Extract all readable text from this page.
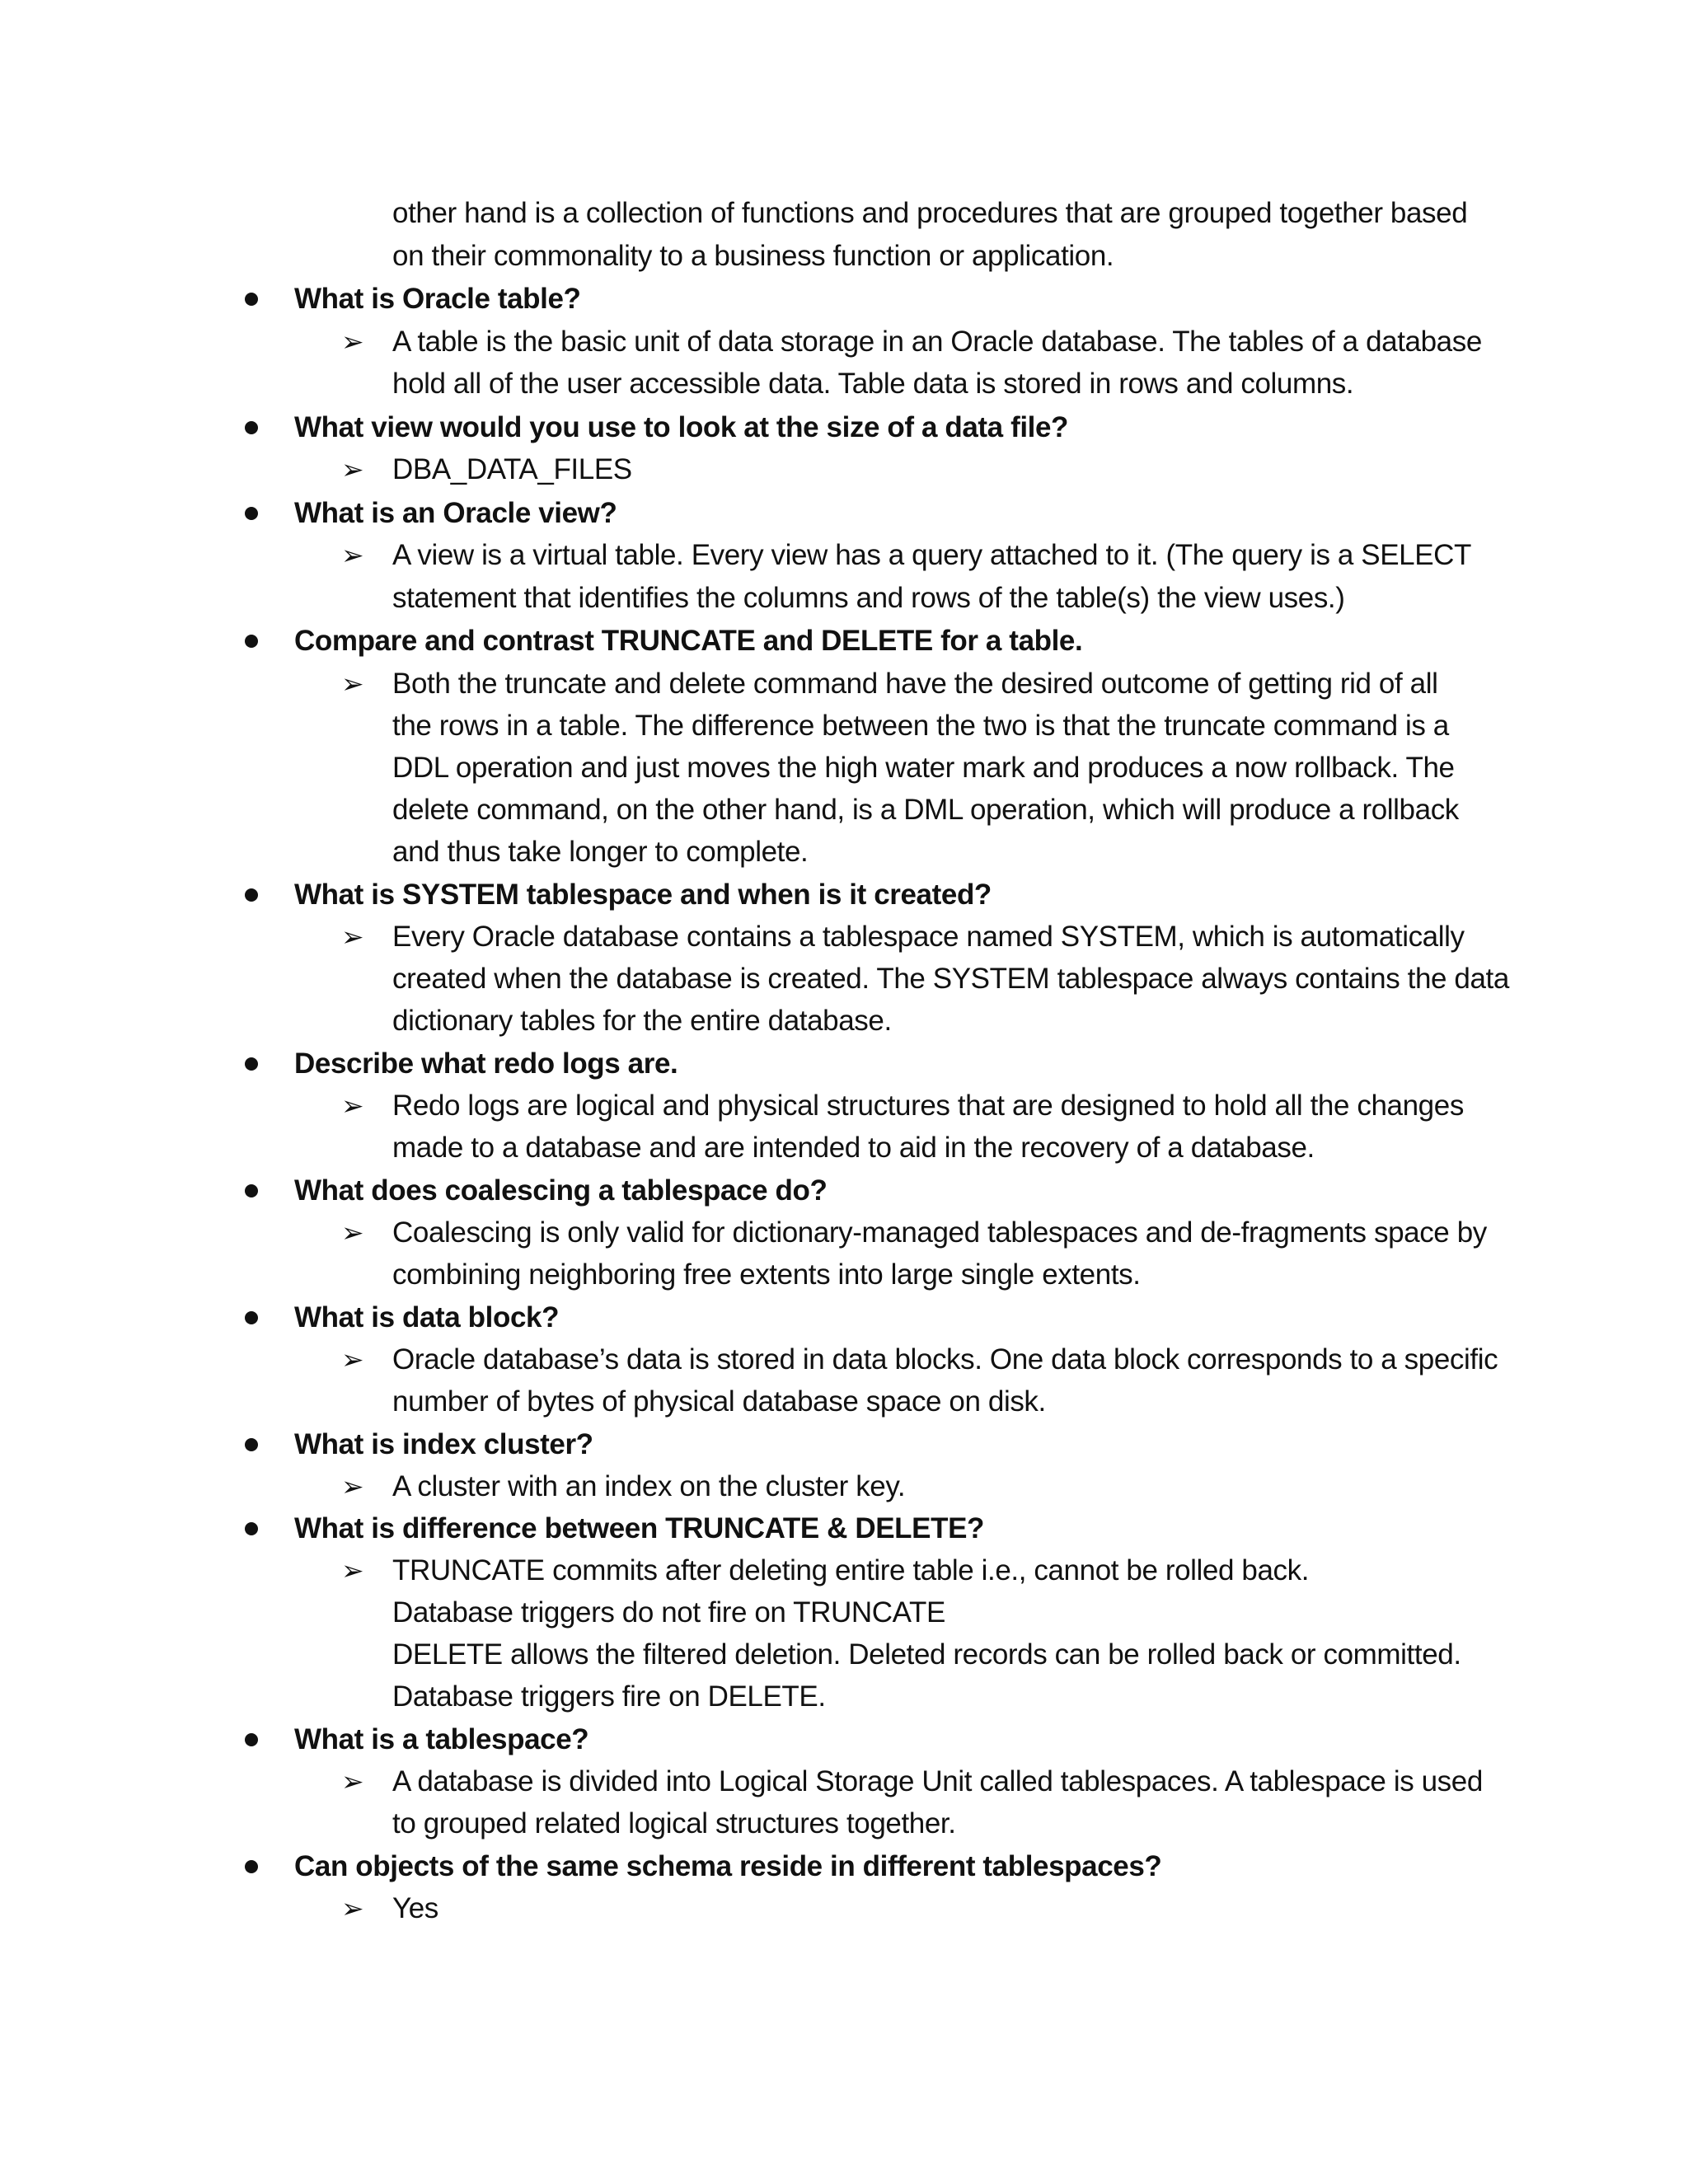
other hand is a collection of functions and procedures that are grouped together based
on their commonality to a business function or application.
What is Oracle table?
➢ A table is the basic unit of data storage in an Oracle database. The tables of a database
hold all of the user accessible data. Table data is stored in rows and columns.
What view would you use to look at the size of a data file?
➢ DBA_DATA_FILES
What is an Oracle view?
➢ A view is a virtual table. Every view has a query attached to it. (The query is a SELECT
statement that identifies the columns and rows of the table(s) the view uses.)
Compare and contrast TRUNCATE and DELETE for a table.
➢ Both the truncate and delete command have the desired outcome of getting rid of all
the rows in a table. The difference between the two is that the truncate command is a
DDL operation and just moves the high water mark and produces a now rollback. The
delete command, on the other hand, is a DML operation, which will produce a rollback
and thus take longer to complete.
What is SYSTEM tablespace and when is it created?
➢ Every Oracle database contains a tablespace named SYSTEM, which is automatically
created when the database is created. The SYSTEM tablespace always contains the data
dictionary tables for the entire database.
Describe what redo logs are.
➢ Redo logs are logical and physical structures that are designed to hold all the changes
made to a database and are intended to aid in the recovery of a database.
What does coalescing a tablespace do?
➢ Coalescing is only valid for dictionary-managed tablespaces and de-fragments space by
combining neighboring free extents into large single extents.
What is data block?
➢ Oracle database’s data is stored in data blocks. One data block corresponds to a specific
number of bytes of physical database space on disk.
What is index cluster?
➢ A cluster with an index on the cluster key.
What is difference between TRUNCATE & DELETE?
➢ TRUNCATE commits after deleting entire table i.e., cannot be rolled back.
Database triggers do not fire on TRUNCATE
DELETE allows the filtered deletion. Deleted records can be rolled back or committed.
Database triggers fire on DELETE.
What is a tablespace?
➢ A database is divided into Logical Storage Unit called tablespaces. A tablespace is used
to grouped related logical structures together.
Can objects of the same schema reside in different tablespaces?
➢ Yes
